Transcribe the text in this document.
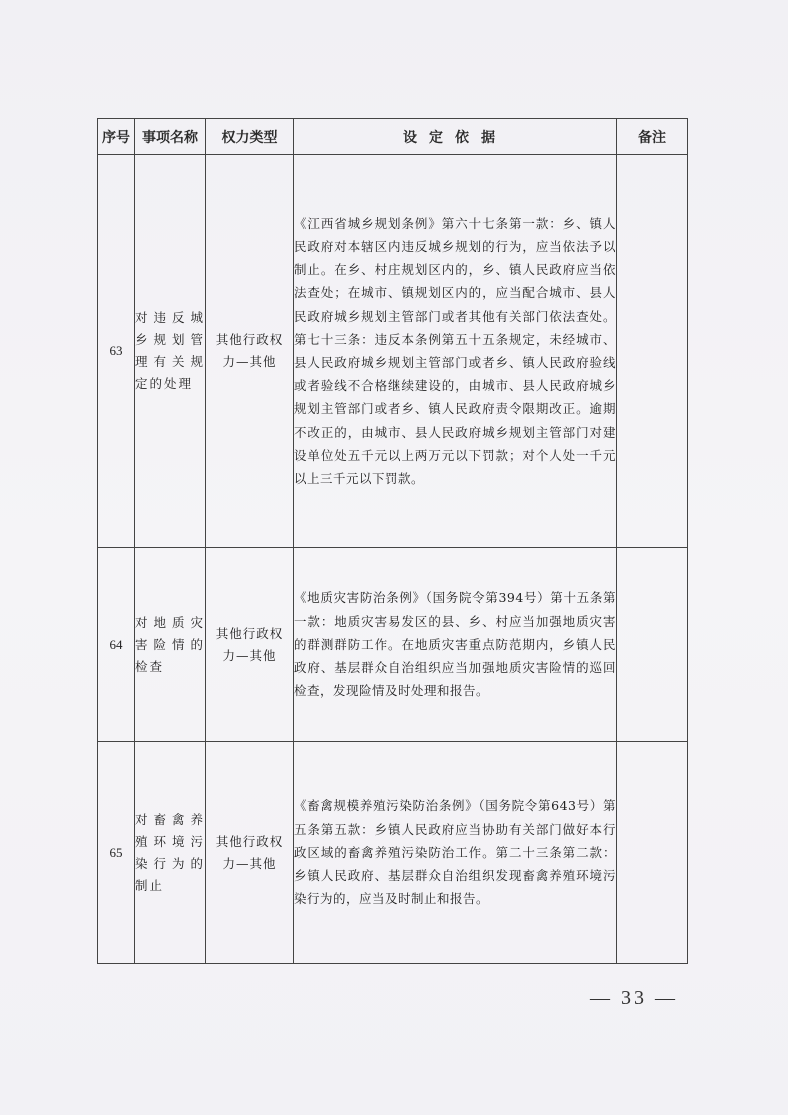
序号	事项名称	权力类型	设定依据	备注
63	对违反城乡规划管理有关规定的处理	其他行政权力—其他	《江西省城乡规划条例》第六十七条第一款：乡、镇人民政府对本辖区内违反城乡规划的行为，应当依法予以制止。在乡、村庄规划区内的，乡、镇人民政府应当依法查处；在城市、镇规划区内的，应当配合城市、县人民政府城乡规划主管部门或者其他有关部门依法查处。第七十三条：违反本条例第五十五条规定，未经城市、县人民政府城乡规划主管部门或者乡、镇人民政府验线或者验线不合格继续建设的，由城市、县人民政府城乡规划主管部门或者乡、镇人民政府责令限期改正。逾期不改正的，由城市、县人民政府城乡规划主管部门对建设单位处五千元以上两万元以下罚款；对个人处一千元以上三千元以下罚款。	
64	对地质灾害险情的检查	其他行政权力—其他	《地质灾害防治条例》（国务院令第394号）第十五条第一款：地质灾害易发区的县、乡、村应当加强地质灾害的群测群防工作。在地质灾害重点防范期内，乡镇人民政府、基层群众自治组织应当加强地质灾害险情的巡回检查，发现险情及时处理和报告。	
65	对畜禽养殖环境污染行为的制止	其他行政权力—其他	《畜禽规模养殖污染防治条例》（国务院令第643号）第五条第五款：乡镇人民政府应当协助有关部门做好本行政区域的畜禽养殖污染防治工作。第二十三条第二款：乡镇人民政府、基层群众自治组织发现畜禽养殖环境污染行为的，应当及时制止和报告。	
— 33 —
